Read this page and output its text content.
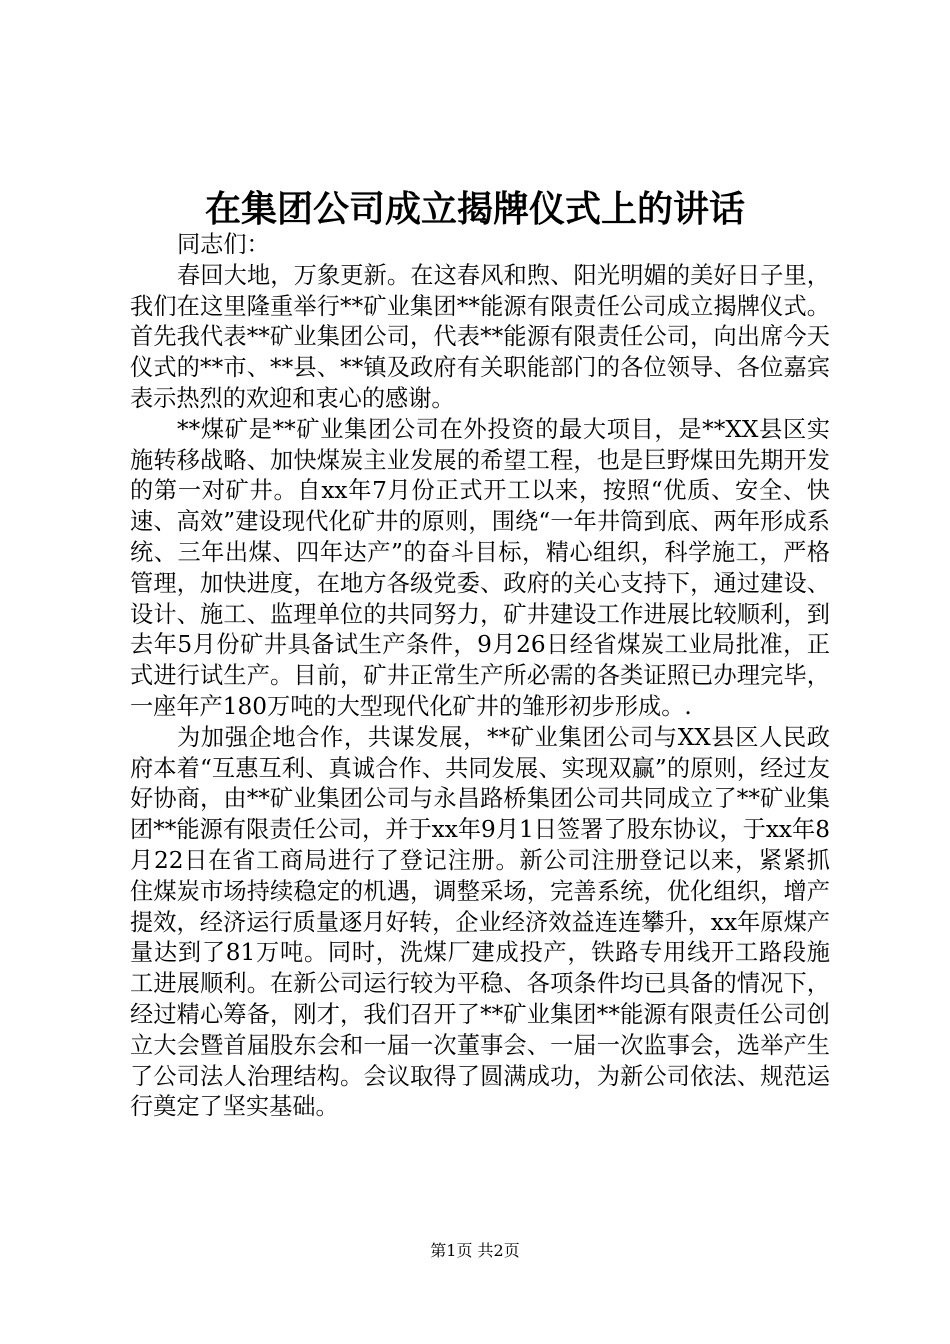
在集团公司成立揭牌仪式上的讲话

同志们：

春回大地，万象更新。在这春风和煦、阳光明媚的美好日子里，我们在这里隆重举行**矿业集团**能源有限责任公司成立揭牌仪式。首先我代表**矿业集团公司，代表**能源有限责任公司，向出席今天仪式的**市、**县、**镇及政府有关职能部门的各位领导、各位嘉宾表示热烈的欢迎和衷心的感谢。

**煤矿是**矿业集团公司在外投资的最大项目，是**XX县区实施转移战略、加快煤炭主业发展的希望工程，也是巨野煤田先期开发的第一对矿井。自xx年7月份正式开工以来，按照“优质、安全、快速、高效”建设现代化矿井的原则，围绕“一年井筒到底、两年形成系统、三年出煤、四年达产”的奋斗目标，精心组织，科学施工，严格管理，加快进度，在地方各级党委、政府的关心支持下，通过建设、设计、施工、监理单位的共同努力，矿井建设工作进展比较顺利，到去年5月份矿井具备试生产条件，9月26日经省煤炭工业局批准，正式进行试生产。目前，矿井正常生产所必需的各类证照已办理完毕，一座年产180万吨的大型现代化矿井的雏形初步形成。.

为加强企地合作，共谋发展，**矿业集团公司与XX县区人民政府本着“互惠互利、真诚合作、共同发展、实现双赢”的原则，经过友好协商，由**矿业集团公司与永昌路桥集团公司共同成立了**矿业集团**能源有限责任公司，并于xx年9月1日签署了股东协议，于xx年8月22日在省工商局进行了登记注册。新公司注册登记以来，紧紧抓住煤炭市场持续稳定的机遇，调整采场，完善系统，优化组织，增产提效，经济运行质量逐月好转，企业经济效益连连攀升，xx年原煤产量达到了81万吨。同时，洗煤厂建成投产，铁路专用线开工路段施工进展顺利。在新公司运行较为平稳、各项条件均已具备的情况下，经过精心筹备，刚才，我们召开了**矿业集团**能源有限责任公司创立大会暨首届股东会和一届一次董事会、一届一次监事会，选举产生了公司法人治理结构。会议取得了圆满成功，为新公司依法、规范运行奠定了坚实基础。

第1页 共2页
